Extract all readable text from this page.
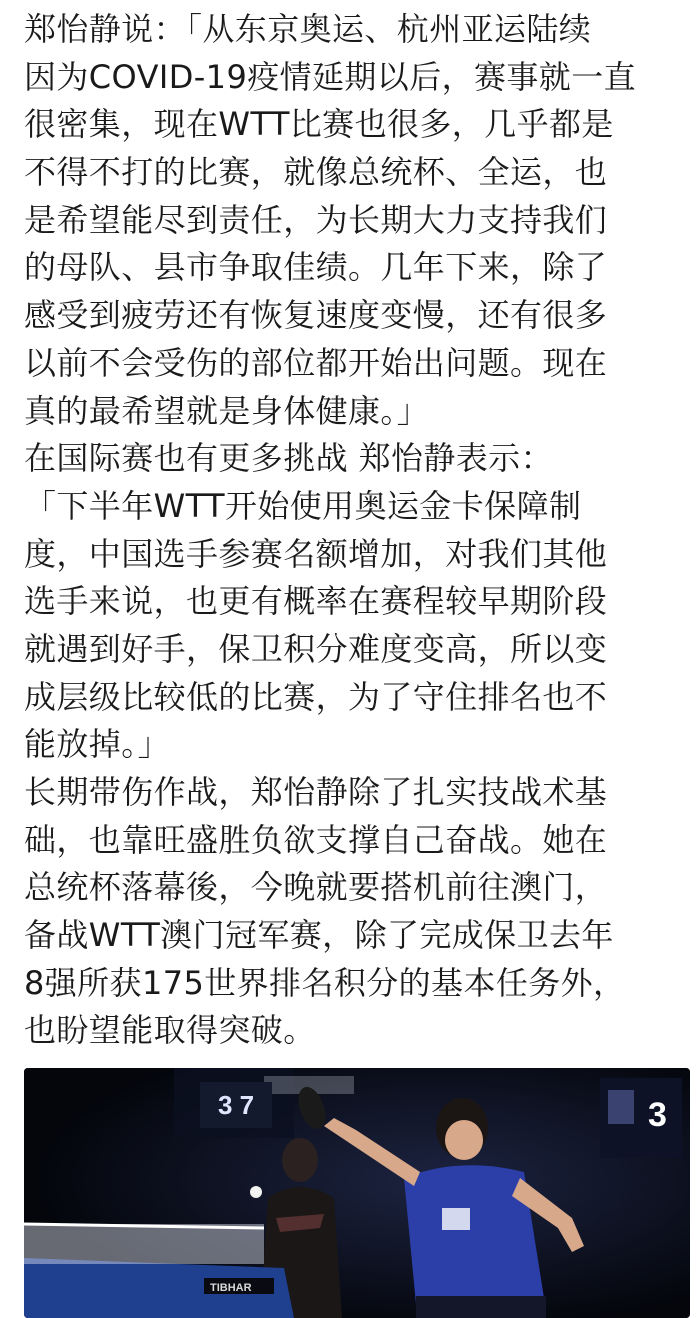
郑怡静说：「从东京奥运、杭州亚运陆续
因为COVID-19疫情延期以后，赛事就一直
很密集，现在WTT比赛也很多，几乎都是
不得不打的比赛，就像总统杯、全运，也
是希望能尽到责任，为长期大力支持我们
的母队、县市争取佳绩。几年下来，除了
感受到疲劳还有恢复速度变慢，还有很多
以前不会受伤的部位都开始出问题。现在
真的最希望就是身体健康。」
在国际赛也有更多挑战 郑怡静表示：
「下半年WTT开始使用奥运金卡保障制
度，中国选手参赛名额增加，对我们其他
选手来说，也更有概率在赛程较早期阶段
就遇到好手，保卫积分难度变高，所以变
成层级比较低的比赛，为了守住排名也不
能放掉。」
长期带伤作战，郑怡静除了扎实技战术基
础，也靠旺盛胜负欲支撑自己奋战。她在
总统杯落幕後，今晚就要搭机前往澳门，
备战WTT澳门冠军赛，除了完成保卫去年
8强所获175世界排名积分的基本任务外，
也盼望能取得突破。
3 7	3
TIBHAR
